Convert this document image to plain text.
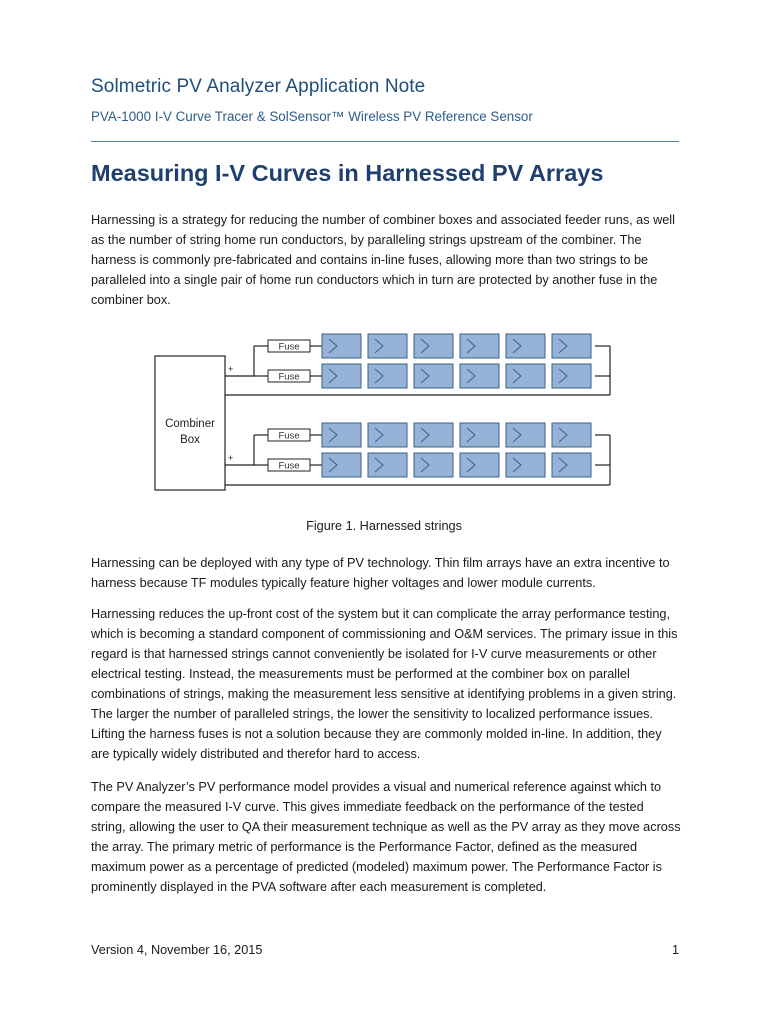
Solmetric PV Analyzer Application Note
PVA-1000 I-V Curve Tracer & SolSensor™ Wireless PV Reference Sensor
Measuring I-V Curves in Harnessed PV Arrays
Harnessing is a strategy for reducing the number of combiner boxes and associated feeder runs, as well
as the number of string home run conductors, by paralleling strings upstream of the combiner. The
harness is commonly pre-fabricated and contains in-line fuses, allowing more than two strings to be
paralleled into a single pair of home run conductors which in turn are protected by another fuse in the
combiner box.
Fuse
Fuse
Fuse
Fuse
+
+
Combiner
Box
Figure 1. Harnessed strings
Harnessing can be deployed with any type of PV technology. Thin film arrays have an extra incentive to
harness because TF modules typically feature higher voltages and lower module currents.
Harnessing reduces the up-front cost of the system but it can complicate the array performance testing,
which is becoming a standard component of commissioning and O&M services. The primary issue in this
regard is that harnessed strings cannot conveniently be isolated for I-V curve measurements or other
electrical testing. Instead, the measurements must be performed at the combiner box on parallel
combinations of strings, making the measurement less sensitive at identifying problems in a given string.
The larger the number of paralleled strings, the lower the sensitivity to localized performance issues.
Lifting the harness fuses is not a solution because they are commonly molded in-line. In addition, they
are typically widely distributed and therefor hard to access.
The PV Analyzer’s PV performance model provides a visual and numerical reference against which to
compare the measured I-V curve. This gives immediate feedback on the performance of the tested
string, allowing the user to QA their measurement technique as well as the PV array as they move across
the array. The primary metric of performance is the Performance Factor, defined as the measured
maximum power as a percentage of predicted (modeled) maximum power. The Performance Factor is
prominently displayed in the PVA software after each measurement is completed.
Version 4, November 16, 2015	1
